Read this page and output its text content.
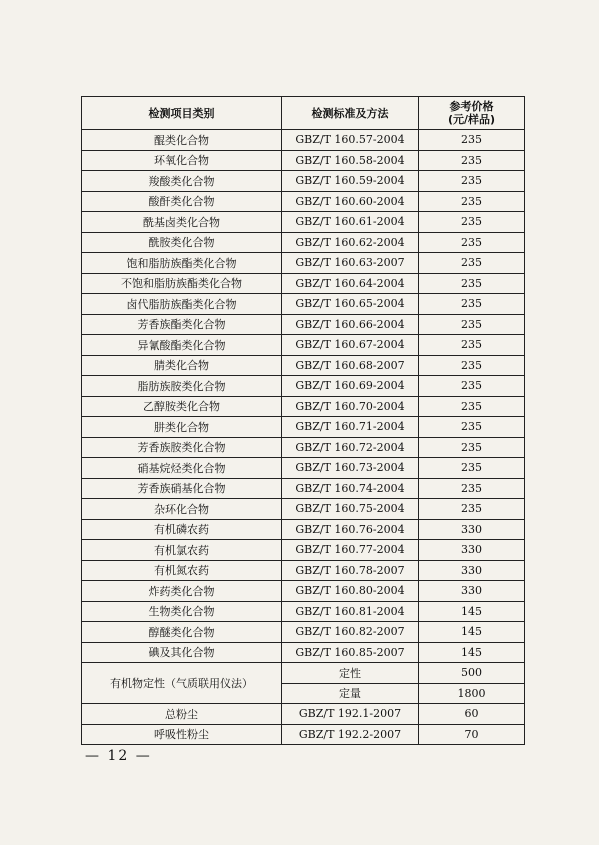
检测项目类别	检测标准及方法	参考价格
(元/样品)

醌类化合物	GBZ/T 160.57-2004	235
环氧化合物	GBZ/T 160.58-2004	235
羧酸类化合物	GBZ/T 160.59-2004	235
酸酐类化合物	GBZ/T 160.60-2004	235
酰基卤类化合物	GBZ/T 160.61-2004	235
酰胺类化合物	GBZ/T 160.62-2004	235
饱和脂肪族酯类化合物	GBZ/T 160.63-2007	235
不饱和脂肪族酯类化合物	GBZ/T 160.64-2004	235
卤代脂肪族酯类化合物	GBZ/T 160.65-2004	235
芳香族酯类化合物	GBZ/T 160.66-2004	235
异氰酸酯类化合物	GBZ/T 160.67-2004	235
腈类化合物	GBZ/T 160.68-2007	235
脂肪族胺类化合物	GBZ/T 160.69-2004	235
乙醇胺类化合物	GBZ/T 160.70-2004	235
肼类化合物	GBZ/T 160.71-2004	235
芳香族胺类化合物	GBZ/T 160.72-2004	235
硝基烷烃类化合物	GBZ/T 160.73-2004	235
芳香族硝基化合物	GBZ/T 160.74-2004	235
杂环化合物	GBZ/T 160.75-2004	235
有机磷农药	GBZ/T 160.76-2004	330
有机氯农药	GBZ/T 160.77-2004	330
有机氮农药	GBZ/T 160.78-2007	330
炸药类化合物	GBZ/T 160.80-2004	330
生物类化合物	GBZ/T 160.81-2004	145
醇醚类化合物	GBZ/T 160.82-2007	145
碘及其化合物	GBZ/T 160.85-2007	145
有机物定性（气质联用仪法）	定性	500
	定量	1800
总粉尘	GBZ/T 192.1-2007	60
呼吸性粉尘	GBZ/T 192.2-2007	70
— 12 —
